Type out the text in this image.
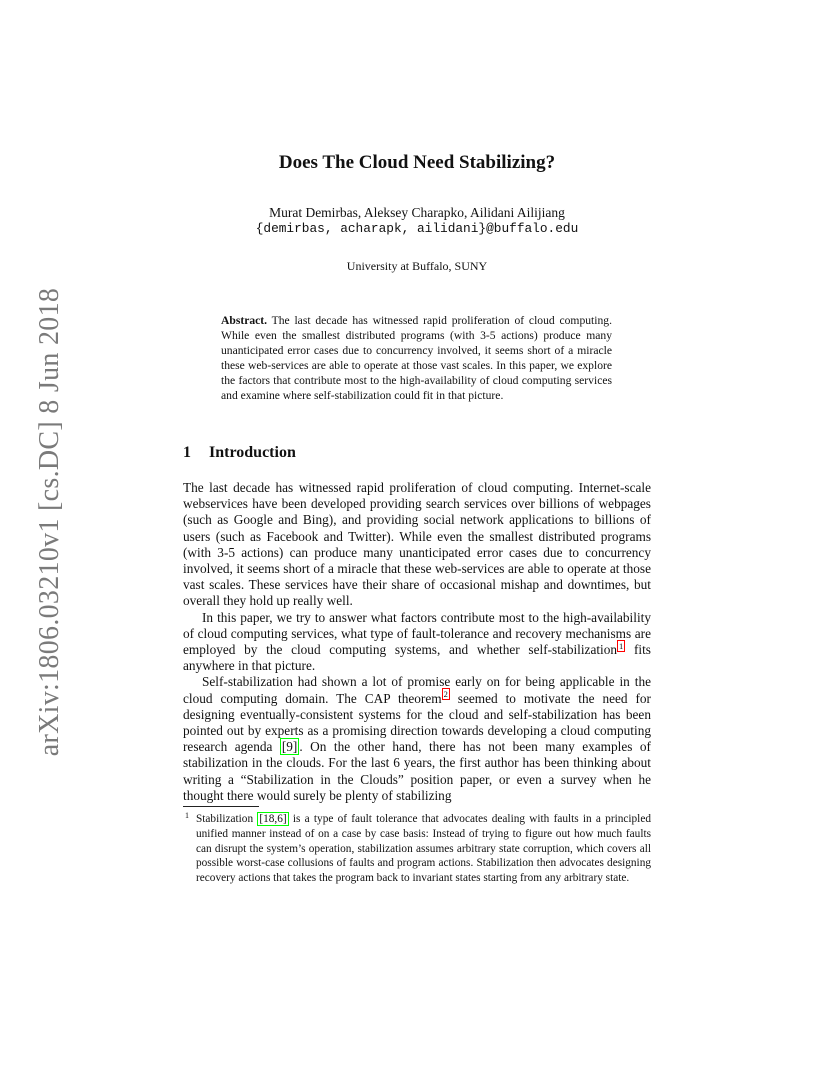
arXiv:1806.03210v1 [cs.DC] 8 Jun 2018
Does The Cloud Need Stabilizing?
Murat Demirbas, Aleksey Charapko, Ailidani Ailijiang
{demirbas, acharapk, ailidani}@buffalo.edu
University at Buffalo, SUNY

Abstract. The last decade has witnessed rapid proliferation of cloud computing. While even the smallest distributed programs (with 3-5 actions) produce many unanticipated error cases due to concurrency involved, it seems short of a miracle these web-services are able to operate at those vast scales. In this paper, we explore the factors that contribute most to the high-availability of cloud computing services and examine where self-stabilization could fit in that picture.

1 Introduction

The last decade has witnessed rapid proliferation of cloud computing. Internet-scale webservices have been developed providing search services over billions of webpages (such as Google and Bing), and providing social network applications to billions of users (such as Facebook and Twitter). While even the smallest distributed programs (with 3-5 actions) can produce many unanticipated error cases due to concurrency involved, it seems short of a miracle that these web-services are able to operate at those vast scales. These services have their share of occasional mishap and downtimes, but overall they hold up really well.

In this paper, we try to answer what factors contribute most to the high-availability of cloud computing services, what type of fault-tolerance and recovery mechanisms are employed by the cloud computing systems, and whether self-stabilization $^1$ fits anywhere in that picture.

Self-stabilization had shown a lot of promise early on for being applicable in the cloud computing domain. The CAP theorem $^2$ seemed to motivate the need for designing eventually-consistent systems for the cloud and self-stabilization has been pointed out by experts as a promising direction towards developing a cloud computing research agenda [9] . On the other hand, there has not been many examples of stabilization in the clouds. For the last 6 years, the first author has been thinking about writing a “Stabilization in the Clouds” position paper, or even a survey when he thought there would surely be plenty of stabilizing

1 Stabilization [18,6] is a type of fault tolerance that advocates dealing with faults in a principled unified manner instead of on a case by case basis: Instead of trying to figure out how much faults can disrupt the system’s operation, stabilization assumes arbitrary state corruption, which covers all possible worst-case collusions of faults and program actions. Stabilization then advocates designing recovery actions that takes the program back to invariant states starting from any arbitrary state.
